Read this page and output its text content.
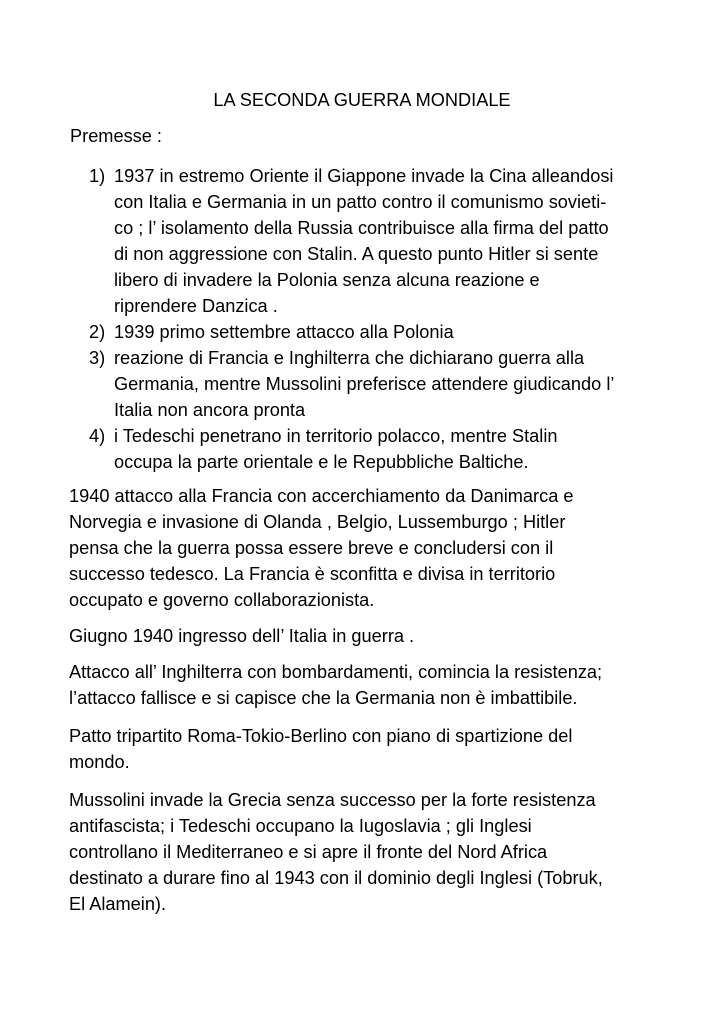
LA SECONDA GUERRA MONDIALE
Premesse :
1) 1937 in estremo Oriente il Giappone invade la Cina alleandosi
con Italia e Germania in un patto contro il comunismo sovieti-
co ; l’ isolamento della Russia contribuisce alla firma del patto
di non aggressione con Stalin. A questo punto Hitler si sente
libero di invadere la Polonia senza alcuna reazione e
riprendere Danzica .
2) 1939 primo settembre attacco alla Polonia
3) reazione di Francia e Inghilterra che dichiarano guerra alla
Germania, mentre Mussolini preferisce attendere giudicando l’
Italia non ancora pronta
4) i Tedeschi penetrano in territorio polacco, mentre Stalin
occupa la parte orientale e le Repubbliche Baltiche.
1940 attacco alla Francia con accerchiamento da Danimarca e
Norvegia e invasione di Olanda , Belgio, Lussemburgo ; Hitler
pensa che la guerra possa essere breve e concludersi con il
successo tedesco. La Francia è sconfitta e divisa in territorio
occupato e governo collaborazionista.
Giugno 1940 ingresso dell’ Italia in guerra .
Attacco all’ Inghilterra con bombardamenti, comincia la resistenza;
l’attacco fallisce e si capisce che la Germania non è imbattibile.
Patto tripartito Roma-Tokio-Berlino con piano di spartizione del
mondo.
Mussolini invade la Grecia senza successo per la forte resistenza
antifascista; i Tedeschi occupano la Iugoslavia ; gli Inglesi
controllano il Mediterraneo e si apre il fronte del Nord Africa
destinato a durare fino al 1943 con il dominio degli Inglesi (Tobruk,
El Alamein).
